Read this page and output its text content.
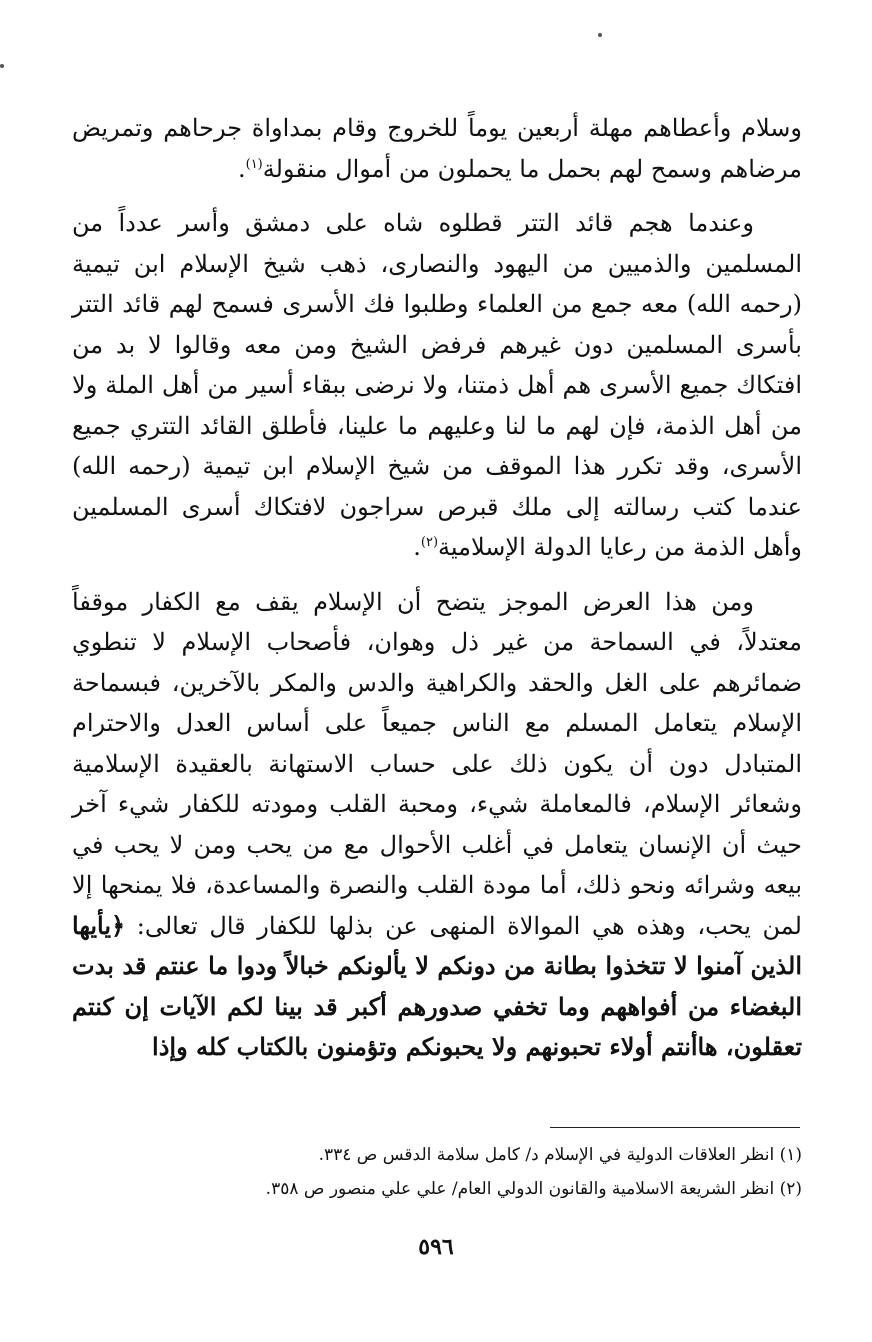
وسلام وأعطاهم مهلة أربعين يوماً للخروج وقام بمداواة جرحاهم وتمريض مرضاهم وسمح لهم بحمل ما يحملون من أموال منقولة$^{(١)}$.

وعندما هجم قائد التتر قطلوه شاه على دمشق وأسر عدداً من المسلمين والذميين من اليهود والنصارى، ذهب شيخ الإسلام ابن تيمية (رحمه الله) معه جمع من العلماء وطلبوا فك الأسرى فسمح لهم قائد التتر بأسرى المسلمين دون غيرهم فرفض الشيخ ومن معه وقالوا لا بد من افتكاك جميع الأسرى هم أهل ذمتنا، ولا نرضى ببقاء أسير من أهل الملة ولا من أهل الذمة، فإن لهم ما لنا وعليهم ما علينا، فأطلق القائد التتري جميع الأسرى، وقد تكرر هذا الموقف من شيخ الإسلام ابن تيمية (رحمه الله) عندما كتب رسالته إلى ملك قبرص سراجون لافتكاك أسرى المسلمين وأهل الذمة من رعايا الدولة الإسلامية$^{(٢)}$.

ومن هذا العرض الموجز يتضح أن الإسلام يقف مع الكفار موقفاً معتدلاً، في السماحة من غير ذل وهوان، فأصحاب الإسلام لا تنطوي ضمائرهم على الغل والحقد والكراهية والدس والمكر بالآخرين، فبسماحة الإسلام يتعامل المسلم مع الناس جميعاً على أساس العدل والاحترام المتبادل دون أن يكون ذلك على حساب الاستهانة بالعقيدة الإسلامية وشعائر الإسلام، فالمعاملة شيء، ومحبة القلب ومودته للكفار شيء آخر حيث أن الإنسان يتعامل في أغلب الأحوال مع من يحب ومن لا يحب في بيعه وشرائه ونحو ذلك، أما مودة القلب والنصرة والمساعدة، فلا يمنحها إلا لمن يحب، وهذه هي الموالاة المنهى عن بذلها للكفار قال تعالى: ﴿يأيها الذين آمنوا لا تتخذوا بطانة من دونكم لا يألونكم خبالاً ودوا ما عنتم قد بدت البغضاء من أفواههم وما تخفي صدورهم أكبر قد بينا لكم الآيات إن كنتم تعقلون، هاأنتم أولاء تحبونهم ولا يحبونكم وتؤمنون بالكتاب كله وإذا

(١) انظر العلاقات الدولية في الإسلام د/ كامل سلامة الدقس ص ٣٣٤.

(٢) انظر الشريعة الاسلامية والقانون الدولي العام/ علي علي منصور ص ٣٥٨.

٥٩٦
